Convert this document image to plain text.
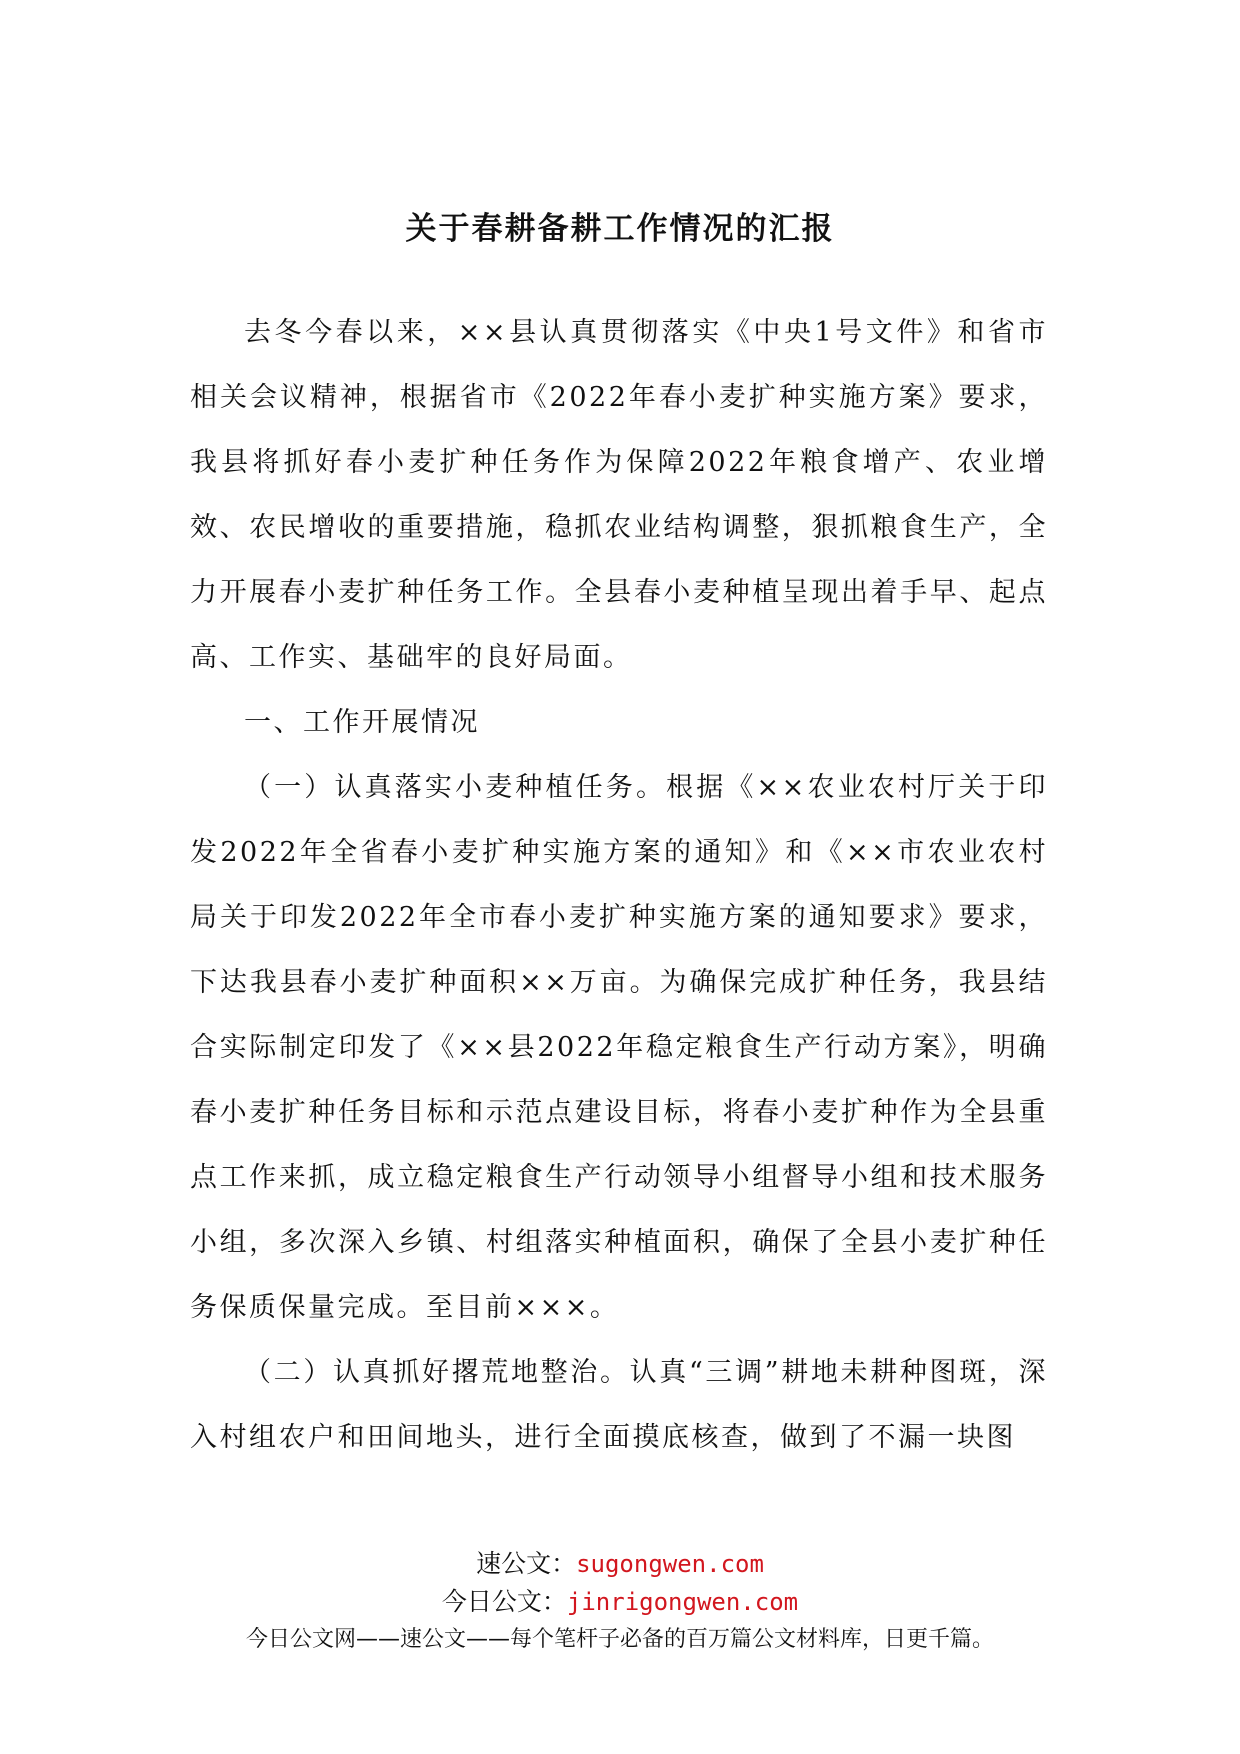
关于春耕备耕工作情况的汇报

去冬今春以来，××县认真贯彻落实《中央1号文件》和省市相关会议精神，根据省市《2022年春小麦扩种实施方案》要求，我县将抓好春小麦扩种任务作为保障2022年粮食增产、农业增效、农民增收的重要措施，稳抓农业结构调整，狠抓粮食生产，全力开展春小麦扩种任务工作。全县春小麦种植呈现出着手早、起点高、工作实、基础牢的良好局面。

一、工作开展情况

（一）认真落实小麦种植任务。根据《××农业农村厅关于印发2022年全省春小麦扩种实施方案的通知》和《××市农业农村局关于印发2022年全市春小麦扩种实施方案的通知要求》要求，下达我县春小麦扩种面积××万亩。为确保完成扩种任务，我县结合实际制定印发了《××县2022年稳定粮食生产行动方案》，明确春小麦扩种任务目标和示范点建设目标，将春小麦扩种作为全县重点工作来抓，成立稳定粮食生产行动领导小组督导小组和技术服务小组，多次深入乡镇、村组落实种植面积，确保了全县小麦扩种任务保质保量完成。至目前×××。

（二）认真抓好撂荒地整治。认真“三调”耕地未耕种图斑，深入村组农户和田间地头，进行全面摸底核查，做到了不漏一块图

速公文：sugongwen.com

今日公文：jinrigongwen.com

今日公文网——速公文——每个笔杆子必备的百万篇公文材料库，日更千篇。
